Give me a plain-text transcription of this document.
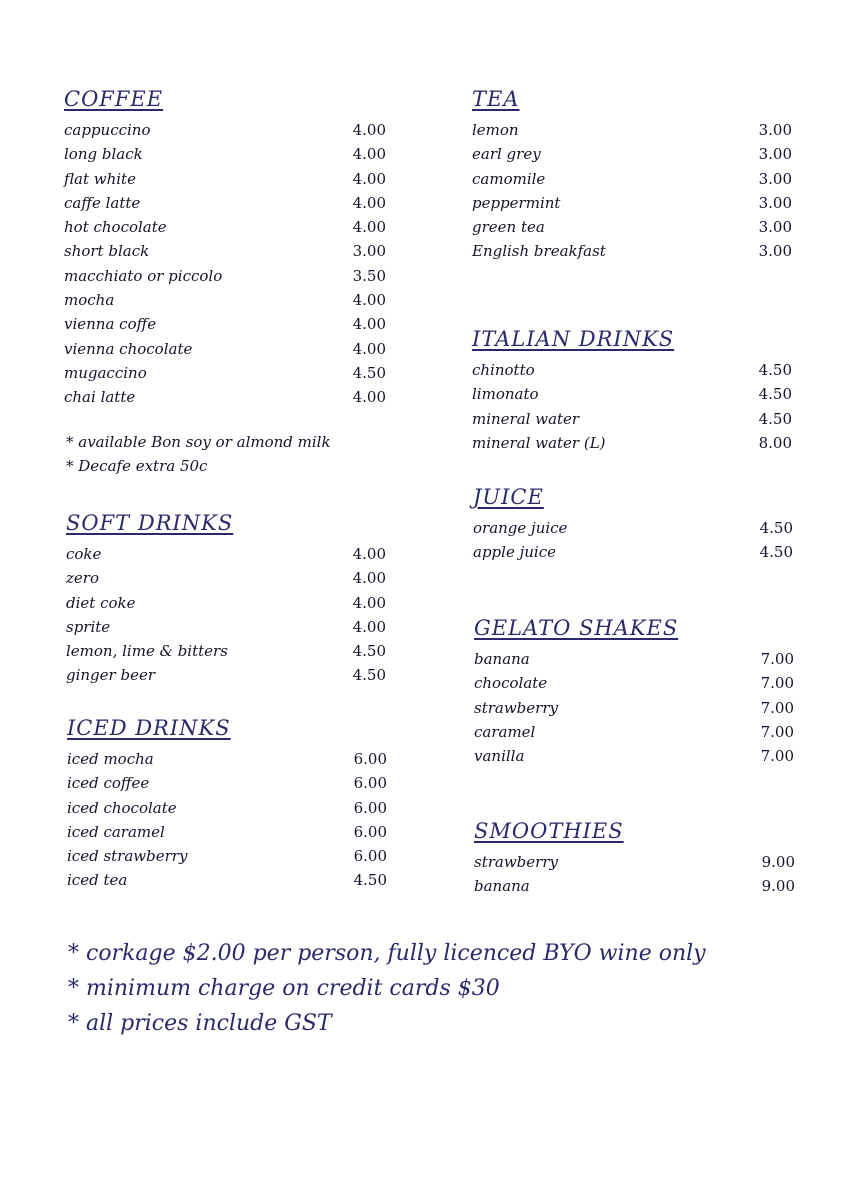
COFFEE
cappuccino	4.00
long black	4.00
flat white	4.00
caffe latte	4.00
hot chocolate	4.00
short black	3.00
macchiato or piccolo	3.50
mocha	4.00
vienna coffe	4.00
vienna chocolate	4.00
mugaccino	4.50
chai latte	4.00
* available Bon soy or almond milk
* Decafe extra 50c
SOFT DRINKS
coke	4.00
zero	4.00
diet coke	4.00
sprite	4.00
lemon, lime & bitters	4.50
ginger beer	4.50
ICED DRINKS
iced mocha	6.00
iced coffee	6.00
iced chocolate	6.00
iced caramel	6.00
iced strawberry	6.00
iced tea	4.50
TEA
lemon	3.00
earl grey	3.00
camomile	3.00
peppermint	3.00
green tea	3.00
English breakfast	3.00
ITALIAN DRINKS
chinotto	4.50
limonato	4.50
mineral water	4.50
mineral water (L)	8.00
JUICE
orange juice	4.50
apple juice	4.50
GELATO SHAKES
banana	7.00
chocolate	7.00
strawberry	7.00
caramel	7.00
vanilla	7.00
SMOOTHIES
strawberry	9.00
banana	9.00
* corkage $2.00 per person, fully licenced BYO wine only
* minimum charge on credit cards $30
* all prices include GST
